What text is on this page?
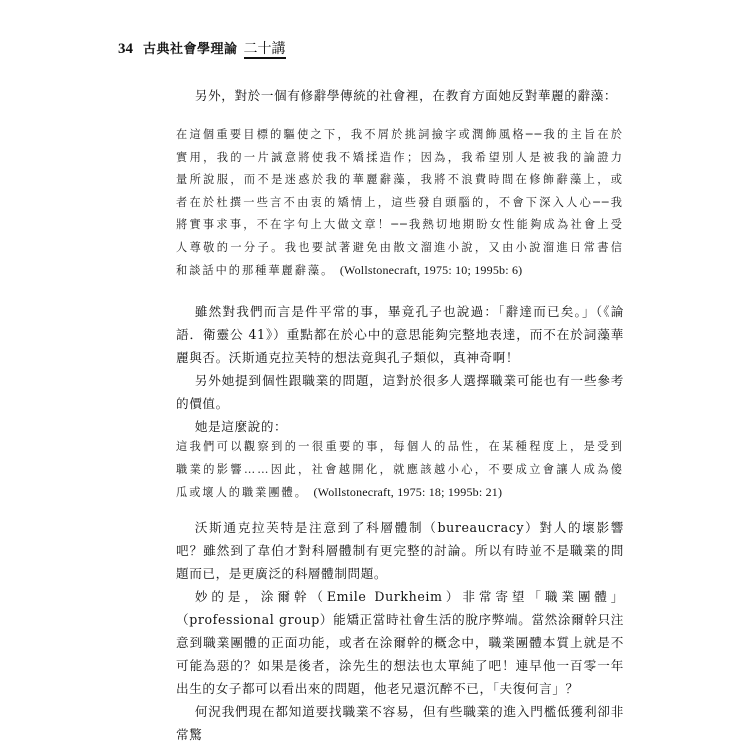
34 古典社會學理論 二十講

另外，對於一個有修辭學傳統的社會裡，在教育方面她反對華麗的辭藻：

在這個重要目標的驅使之下，我不屑於挑詞撿字或潤飾風格──我的主旨在於實用，我的一片誠意將使我不矯揉造作；因為，我希望別人是被我的論證力量所說服，而不是迷惑於我的華麗辭藻，我將不浪費時間在修飾辭藻上，或者在於杜撰一些言不由衷的矯情上，這些發自頭腦的，不會下深入人心──我將實事求事，不在字句上大做文章！──我熱切地期盼女性能夠成為社會上受人尊敬的一分子。我也要試著避免由散文溜進小說，又由小說溜進日常書信和談話中的那種華麗辭藻。 (Wollstonecraft, 1975: 10; 1995b: 6)

雖然對我們而言是件平常的事，畢竟孔子也說過：「辭達而已矣。」（《論語．衛靈公 41》）重點都在於心中的意思能夠完整地表達，而不在於詞藻華麗與否。沃斯通克拉芙特的想法竟與孔子類似，真神奇啊！

另外她提到個性跟職業的問題，這對於很多人選擇職業可能也有一些參考的價值。

她是這麼說的：

這我們可以觀察到的一很重要的事，每個人的品性，在某種程度上，是受到職業的影響……因此，社會越開化，就應該越小心，不要成立會讓人成為傻瓜或壞人的職業團體。 (Wollstonecraft, 1975: 18; 1995b: 21)

沃斯通克拉芙特是注意到了科層體制（bureaucracy）對人的壞影響吧？雖然到了韋伯才對科層體制有更完整的討論。所以有時並不是職業的問題而已，是更廣泛的科層體制問題。

妙的是，涂爾幹（Emile Durkheim）非常寄望「職業團體」（professional group）能矯正當時社會生活的脫序弊端。當然涂爾幹只注意到職業團體的正面功能，或者在涂爾幹的概念中，職業團體本質上就是不可能為惡的？如果是後者，涂先生的想法也太單純了吧！連早他一百零一年出生的女子都可以看出來的問題，他老兄還沉醉不已，「夫復何言」？

何況我們現在都知道要找職業不容易，但有些職業的進入門檻低獲利卻非常驚
